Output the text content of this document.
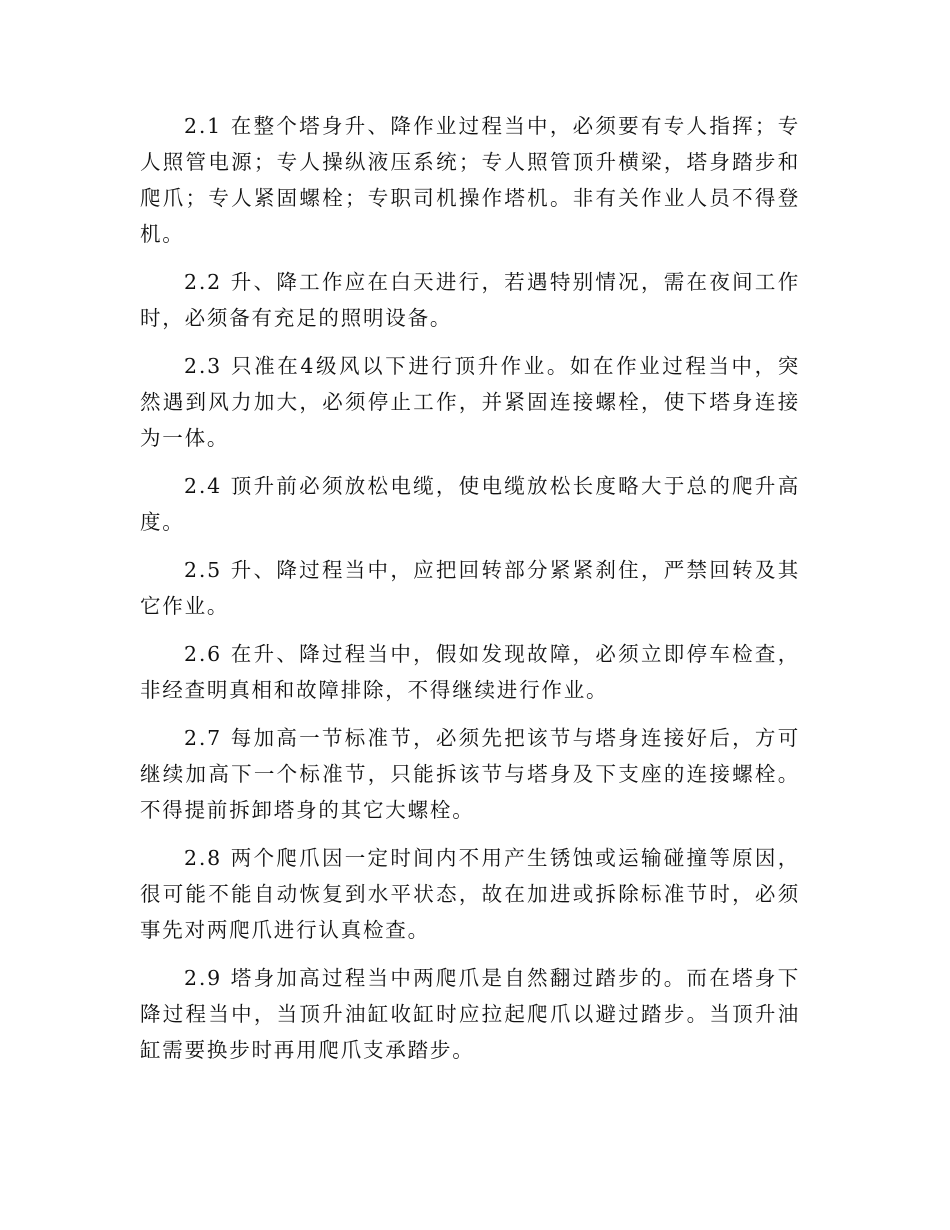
2.1 在整个塔身升、降作业过程当中，必须要有专人指挥；专人照管电源；专人操纵液压系统；专人照管顶升横梁，塔身踏步和爬爪；专人紧固螺栓；专职司机操作塔机。非有关作业人员不得登机。

2.2 升、降工作应在白天进行，若遇特别情况，需在夜间工作时，必须备有充足的照明设备。

2.3 只准在4级风以下进行顶升作业。如在作业过程当中，突然遇到风力加大，必须停止工作，并紧固连接螺栓，使下塔身连接为一体。

2.4 顶升前必须放松电缆，使电缆放松长度略大于总的爬升高度。

2.5 升、降过程当中，应把回转部分紧紧刹住，严禁回转及其它作业。

2.6 在升、降过程当中，假如发现故障，必须立即停车检查，非经查明真相和故障排除，不得继续进行作业。

2.7 每加高一节标准节，必须先把该节与塔身连接好后，方可继续加高下一个标准节，只能拆该节与塔身及下支座的连接螺栓。不得提前拆卸塔身的其它大螺栓。

2.8 两个爬爪因一定时间内不用产生锈蚀或运输碰撞等原因，很可能不能自动恢复到水平状态，故在加进或拆除标准节时，必须事先对两爬爪进行认真检查。

2.9 塔身加高过程当中两爬爪是自然翻过踏步的。而在塔身下降过程当中，当顶升油缸收缸时应拉起爬爪以避过踏步。当顶升油缸需要换步时再用爬爪支承踏步。
